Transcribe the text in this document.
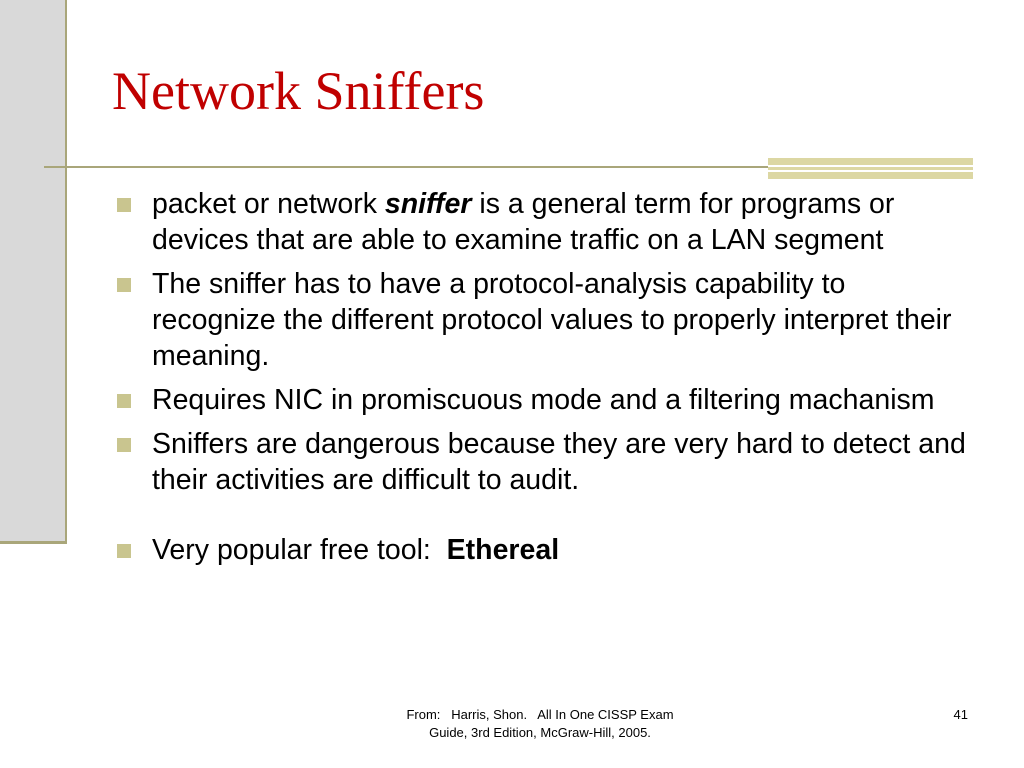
Network Sniffers
packet or network sniffer is a general term for programs or devices that are able to examine traffic on a LAN segment
The sniffer has to have a protocol-analysis capability to recognize the different protocol values to properly interpret their meaning.
Requires NIC in promiscuous mode and a filtering machanism
Sniffers are dangerous because they are very hard to detect and their activities are difficult to audit.
Very popular free tool:  Ethereal
From:   Harris, Shon.   All In One CISSP Exam
Guide, 3rd Edition, McGraw-Hill, 2005.
41
